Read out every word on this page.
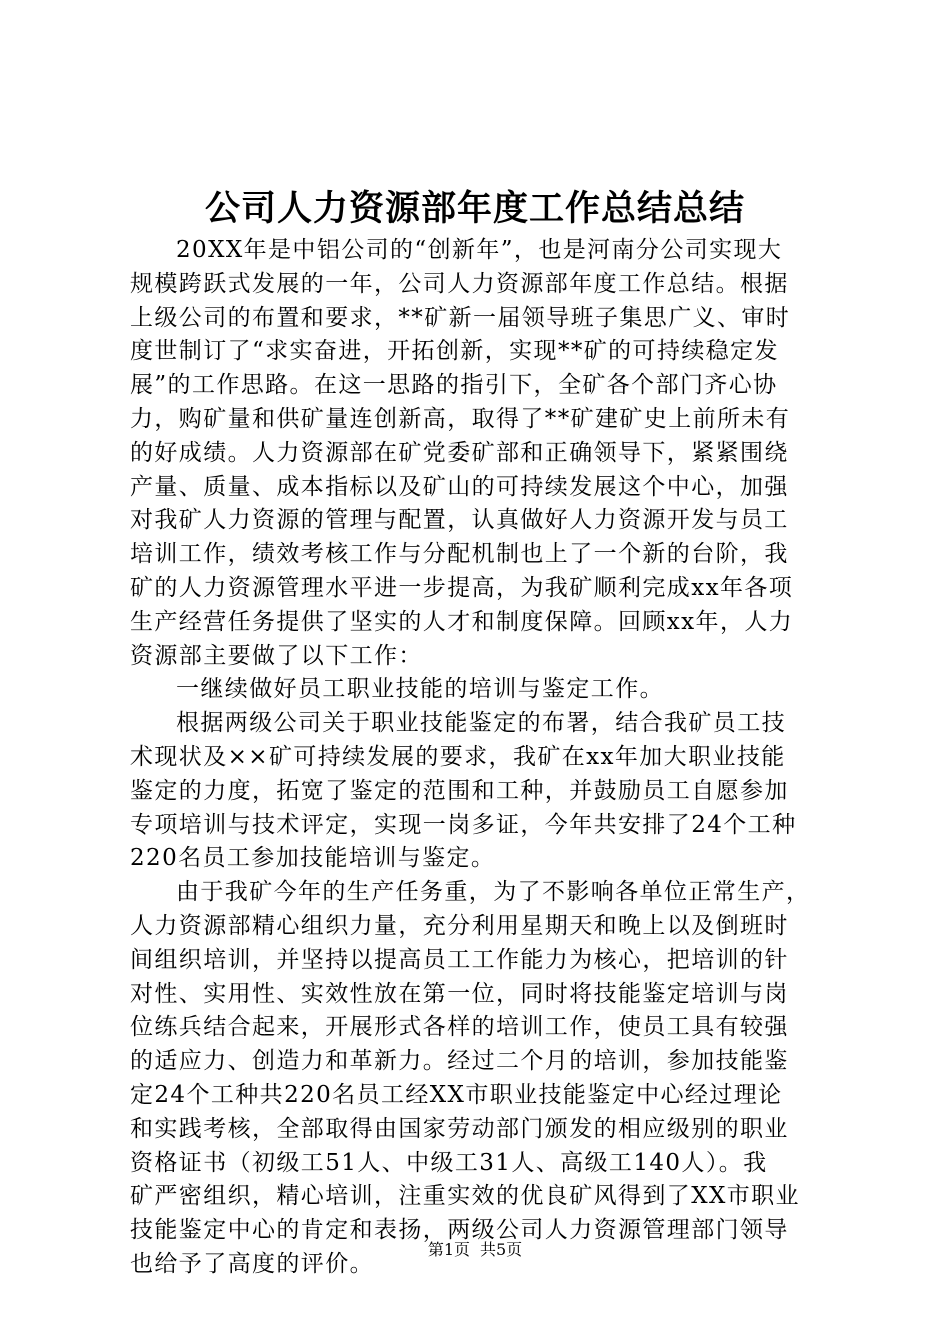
公司人力资源部年度工作总结总结
20XX年是中铝公司的“创新年”，也是河南分公司实现大
规模跨跃式发展的一年，公司人力资源部年度工作总结。根据
上级公司的布置和要求，**矿新一届领导班子集思广义、审时
度世制订了“求实奋进，开拓创新，实现**矿的可持续稳定发
展”的工作思路。在这一思路的指引下，全矿各个部门齐心协
力，购矿量和供矿量连创新高，取得了**矿建矿史上前所未有
的好成绩。人力资源部在矿党委矿部和正确领导下，紧紧围绕
产量、质量、成本指标以及矿山的可持续发展这个中心，加强
对我矿人力资源的管理与配置，认真做好人力资源开发与员工
培训工作，绩效考核工作与分配机制也上了一个新的台阶，我
矿的人力资源管理水平进一步提高，为我矿顺利完成xx年各项
生产经营任务提供了坚实的人才和制度保障。回顾xx年，人力
资源部主要做了以下工作：
一继续做好员工职业技能的培训与鉴定工作。
根据两级公司关于职业技能鉴定的布署，结合我矿员工技
术现状及××矿可持续发展的要求，我矿在xx年加大职业技能
鉴定的力度，拓宽了鉴定的范围和工种，并鼓励员工自愿参加
专项培训与技术评定，实现一岗多证，今年共安排了24个工种
220名员工参加技能培训与鉴定。
由于我矿今年的生产任务重，为了不影响各单位正常生产，
人力资源部精心组织力量，充分利用星期天和晚上以及倒班时
间组织培训，并坚持以提高员工工作能力为核心，把培训的针
对性、实用性、实效性放在第一位，同时将技能鉴定培训与岗
位练兵结合起来，开展形式各样的培训工作，使员工具有较强
的适应力、创造力和革新力。经过二个月的培训，参加技能鉴
定24个工种共220名员工经XX市职业技能鉴定中心经过理论
和实践考核，全部取得由国家劳动部门颁发的相应级别的职业
资格证书（初级工51人、中级工31人、高级工140人）。我
矿严密组织，精心培训，注重实效的优良矿风得到了XX市职业
技能鉴定中心的肯定和表扬，两级公司人力资源管理部门领导
也给予了高度的评价。
第1页 共5页
